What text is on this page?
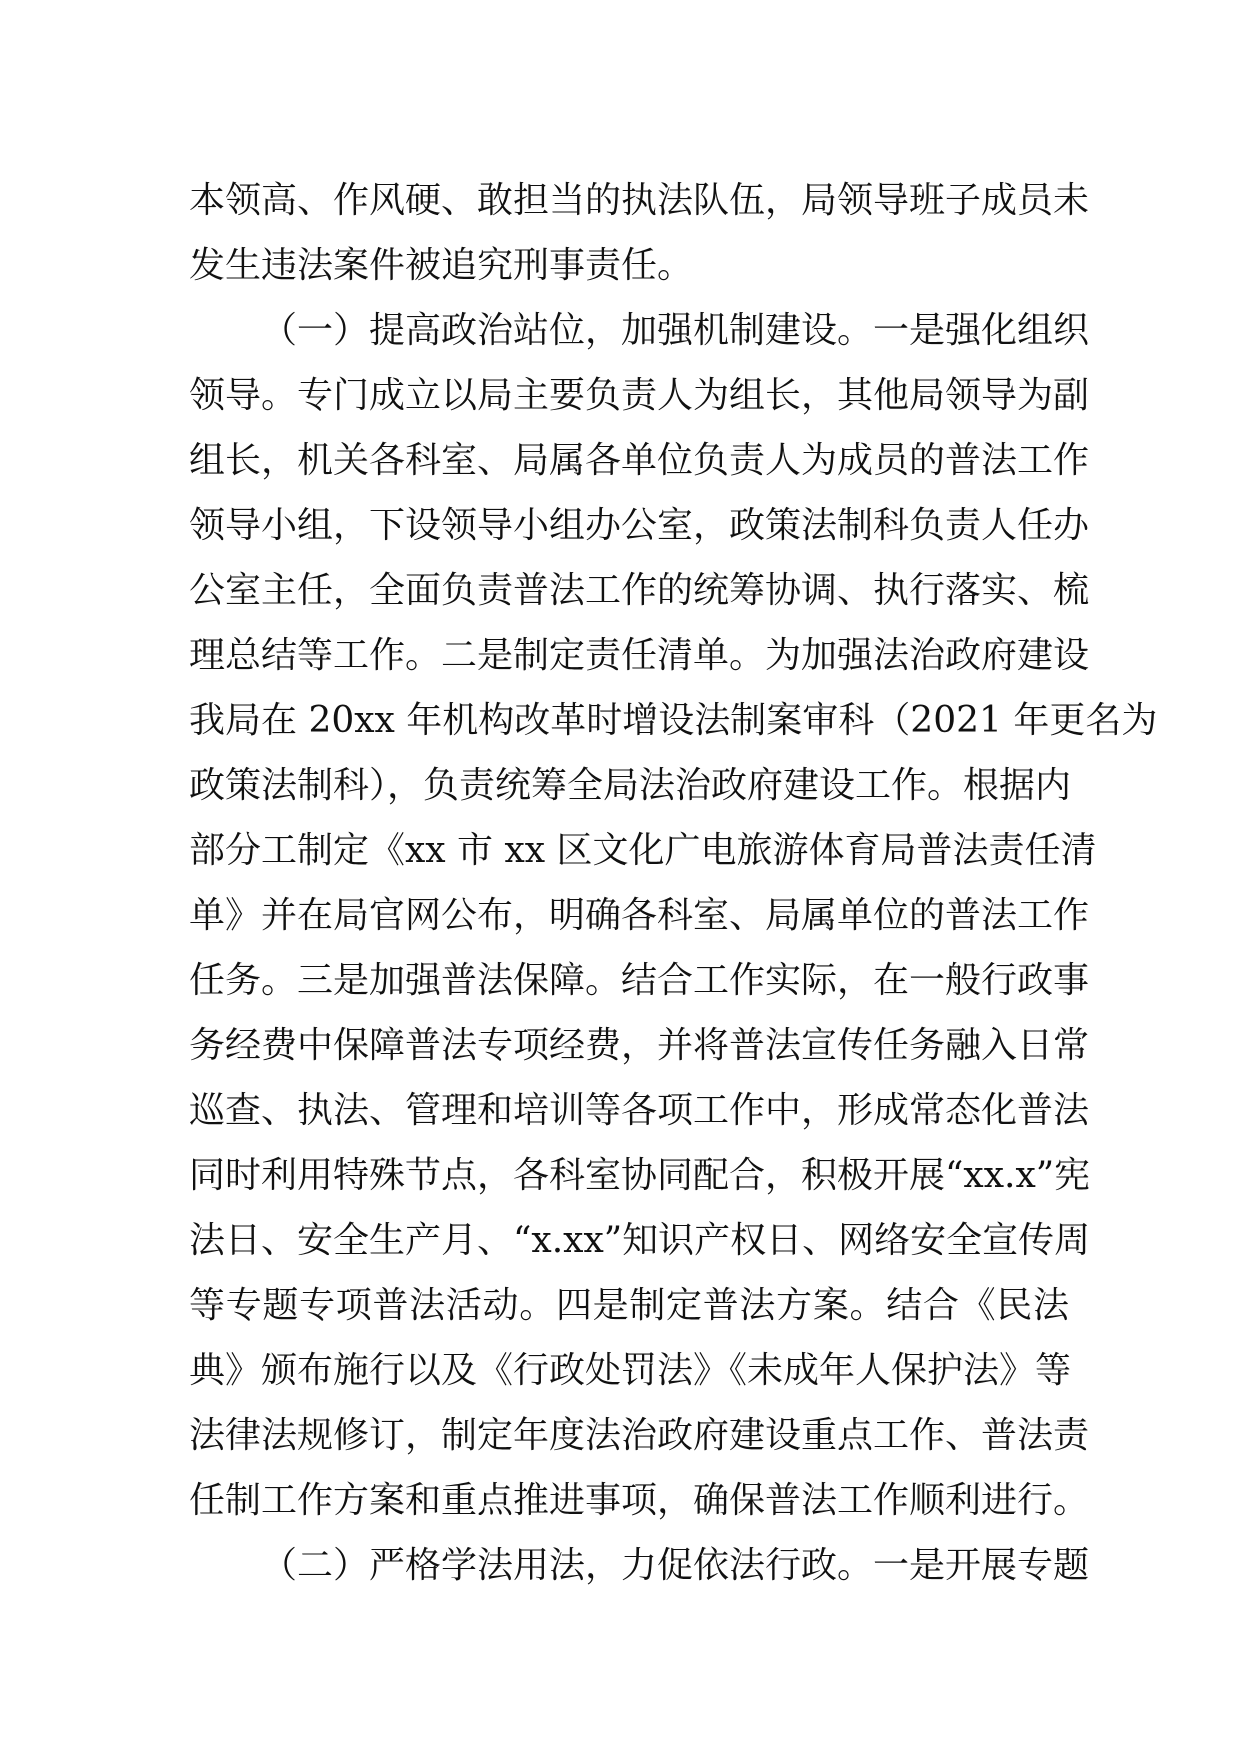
本领高、作风硬、敢担当的执法队伍，局领导班子成员未
发生违法案件被追究刑事责任。
（一）提高政治站位，加强机制建设。一是强化组织
领导。专门成立以局主要负责人为组长，其他局领导为副
组长，机关各科室、局属各单位负责人为成员的普法工作
领导小组，下设领导小组办公室，政策法制科负责人任办
公室主任，全面负责普法工作的统筹协调、执行落实、梳
理总结等工作。二是制定责任清单。为加强法治政府建设
我局在 20xx 年机构改革时增设法制案审科（2021 年更名为
政策法制科），负责统筹全局法治政府建设工作。根据内
部分工制定《xx 市 xx 区文化广电旅游体育局普法责任清
单》并在局官网公布，明确各科室、局属单位的普法工作
任务。三是加强普法保障。结合工作实际，在一般行政事
务经费中保障普法专项经费，并将普法宣传任务融入日常
巡查、执法、管理和培训等各项工作中，形成常态化普法
同时利用特殊节点，各科室协同配合，积极开展“xx.x”宪
法日、安全生产月、“x.xx”知识产权日、网络安全宣传周
等专题专项普法活动。四是制定普法方案。结合《民法
典》颁布施行以及《行政处罚法》《未成年人保护法》等
法律法规修订，制定年度法治政府建设重点工作、普法责
任制工作方案和重点推进事项，确保普法工作顺利进行。
（二）严格学法用法，力促依法行政。一是开展专题
